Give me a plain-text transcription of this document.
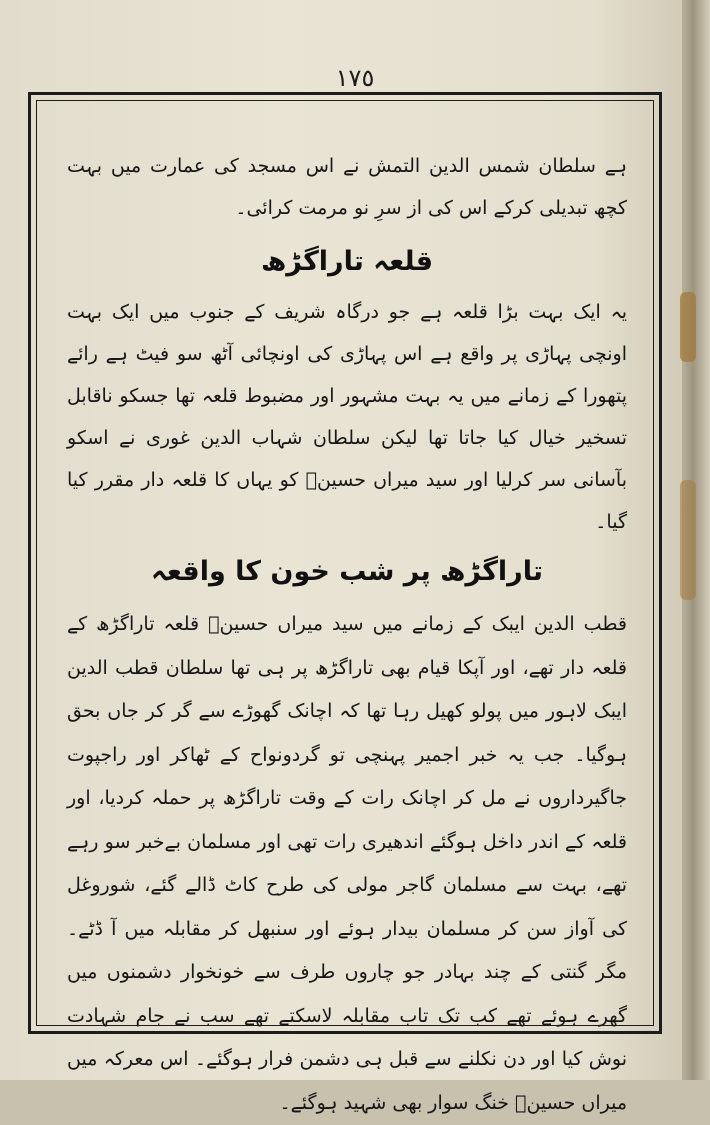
١٧٥

ہے سلطان شمس الدین التمش نے اس مسجد کی عمارت میں بہت کچھ تبدیلی کرکے اس کی از سرِ نو مرمت کرائی۔

قلعہ تاراگڑھ

یہ ایک بہت بڑا قلعہ ہے جو درگاہ شریف کے جنوب میں ایک بہت اونچی پہاڑی پر واقع ہے اس پہاڑی کی اونچائی آٹھ سو فیٹ ہے رائے پتھورا کے زمانے میں یہ بہت مشہور اور مضبوط قلعہ تھا جسکو ناقابل تسخیر خیال کیا جاتا تھا لیکن سلطان شہاب الدین غوری نے اسکو بآسانی سر کرلیا اور سید میراں حسینؒ کو یہاں کا قلعہ دار مقرر کیا گیا۔

تاراگڑھ پر شب خون کا واقعہ

قطب الدین ایبک کے زمانے میں سید میراں حسینؒ قلعہ تاراگڑھ کے قلعہ دار تھے، اور آپکا قیام بھی تاراگڑھ پر ہی تھا سلطان قطب الدین ایبک لاہور میں پولو کھیل رہا تھا کہ اچانک گھوڑے سے گر کر جاں بحق ہوگیا۔ جب یہ خبر اجمیر پہنچی تو گردونواح کے ٹھاکر اور راجپوت جاگیرداروں نے مل کر اچانک رات کے وقت تاراگڑھ پر حملہ کردیا، اور قلعہ کے اندر داخل ہوگئے اندھیری رات تھی اور مسلمان بےخبر سو رہے تھے، بہت سے مسلمان گاجر مولی کی طرح کاٹ ڈالے گئے، شوروغل کی آواز سن کر مسلمان بیدار ہوئے اور سنبھل کر مقابلہ میں آ ڈٹے۔ مگر گنتی کے چند بہادر جو چاروں طرف سے خونخوار دشمنوں میں گھرے ہوئے تھے کب تک تاب مقابلہ لاسکتے تھے سب نے جام شہادت نوش کیا اور دن نکلنے سے قبل ہی دشمن فرار ہوگئے۔ اس معرکہ میں میراں حسینؒ خنگ سوار بھی شہید ہوگئے۔
